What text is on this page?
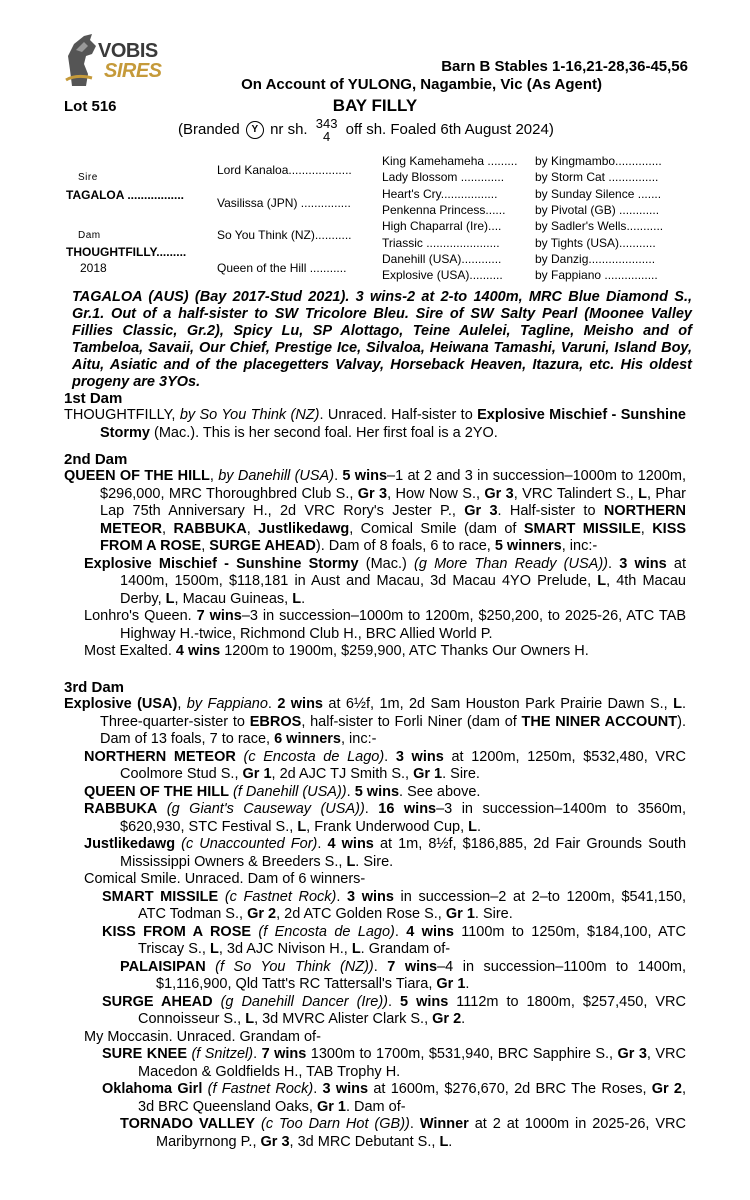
VOBIS
SIRES	Barn B Stables 1-16,21-28,36-45,56
On Account of YULONG, Nagambie, Vic (As Agent)
Lot 516	BAY FILLY
(Branded Y nr sh. 343
4 off sh. Foaled 6th August 2024)
Sire
TAGALOA .................
Dam
THOUGHTFILLY.........
2018
Lord Kanaloa...................
Vasilissa (JPN) ...............
So You Think (NZ)...........
Queen of the Hill ...........
King Kamehameha .........
Lady Blossom .............
Heart's Cry.................
Penkenna Princess......
High Chaparral (Ire)....
Triassic ......................
Danehill (USA)............
Explosive (USA)..........
by Kingmambo..............
by Storm Cat ...............
by Sunday Silence .......
by Pivotal (GB) ............
by Sadler's Wells...........
by Tights (USA)...........
by Danzig....................
by Fappiano ................
TAGALOA (AUS) (Bay 2017-Stud 2021). 3 wins-2 at 2-to 1400m, MRC Blue Diamond S., Gr.1. Out of a half-sister to SW Tricolore Bleu. Sire of SW Salty Pearl (Moonee Valley Fillies Classic, Gr.2), Spicy Lu, SP Alottago, Teine Aulelei, Tagline, Meisho and of Tambeloa, Savaii, Our Chief, Prestige Ice, Silvaloa, Heiwana Tamashi, Varuni, Island Boy, Aitu, Asiatic and of the placegetters Valvay, Horseback Heaven, Itazura, etc. His oldest progeny are 3YOs.
1st Dam
THOUGHTFILLY, by So You Think (NZ). Unraced. Half-sister to Explosive Mischief - Sunshine Stormy (Mac.). This is her second foal. Her first foal is a 2YO.
2nd Dam
QUEEN OF THE HILL, by Danehill (USA). 5 wins–1 at 2 and 3 in succession–1000m to 1200m, $296,000, MRC Thoroughbred Club S., Gr 3, How Now S., Gr 3, VRC Talindert S., L, Phar Lap 75th Anniversary H., 2d VRC Rory's Jester P., Gr 3. Half-sister to NORTHERN METEOR, RABBUKA, Justlikedawg, Comical Smile (dam of SMART MISSILE, KISS FROM A ROSE, SURGE AHEAD). Dam of 8 foals, 6 to race, 5 winners, inc:-
Explosive Mischief - Sunshine Stormy (Mac.) (g More Than Ready (USA)). 3 wins at 1400m, 1500m, $118,181 in Aust and Macau, 3d Macau 4YO Prelude, L, 4th Macau Derby, L, Macau Guineas, L.
Lonhro's Queen. 7 wins–3 in succession–1000m to 1200m, $250,200, to 2025-26, ATC TAB Highway H.-twice, Richmond Club H., BRC Allied World P.
Most Exalted. 4 wins 1200m to 1900m, $259,900, ATC Thanks Our Owners H.
3rd Dam
Explosive (USA), by Fappiano. 2 wins at 6½f, 1m, 2d Sam Houston Park Prairie Dawn S., L. Three-quarter-sister to EBROS, half-sister to Forli Niner (dam of THE NINER ACCOUNT). Dam of 13 foals, 7 to race, 6 winners, inc:-
NORTHERN METEOR (c Encosta de Lago). 3 wins at 1200m, 1250m, $532,480, VRC Coolmore Stud S., Gr 1, 2d AJC TJ Smith S., Gr 1. Sire.
QUEEN OF THE HILL (f Danehill (USA)). 5 wins. See above.
RABBUKA (g Giant's Causeway (USA)). 16 wins–3 in succession–1400m to 3560m, $620,930, STC Festival S., L, Frank Underwood Cup, L.
Justlikedawg (c Unaccounted For). 4 wins at 1m, 8½f, $186,885, 2d Fair Grounds South Mississippi Owners & Breeders S., L. Sire.
Comical Smile. Unraced. Dam of 6 winners-
SMART MISSILE (c Fastnet Rock). 3 wins in succession–2 at 2–to 1200m, $541,150, ATC Todman S., Gr 2, 2d ATC Golden Rose S., Gr 1. Sire.
KISS FROM A ROSE (f Encosta de Lago). 4 wins 1100m to 1250m, $184,100, ATC Triscay S., L, 3d AJC Nivison H., L. Grandam of-
PALAISIPAN (f So You Think (NZ)). 7 wins–4 in succession–1100m to 1400m, $1,116,900, Qld Tatt's RC Tattersall's Tiara, Gr 1.
SURGE AHEAD (g Danehill Dancer (Ire)). 5 wins 1112m to 1800m, $257,450, VRC Connoisseur S., L, 3d MVRC Alister Clark S., Gr 2.
My Moccasin. Unraced. Grandam of-
SURE KNEE (f Snitzel). 7 wins 1300m to 1700m, $531,940, BRC Sapphire S., Gr 3, VRC Macedon & Goldfields H., TAB Trophy H.
Oklahoma Girl (f Fastnet Rock). 3 wins at 1600m, $276,670, 2d BRC The Roses, Gr 2, 3d BRC Queensland Oaks, Gr 1. Dam of-
TORNADO VALLEY (c Too Darn Hot (GB)). Winner at 2 at 1000m in 2025-26, VRC Maribyrnong P., Gr 3, 3d MRC Debutant S., L.
